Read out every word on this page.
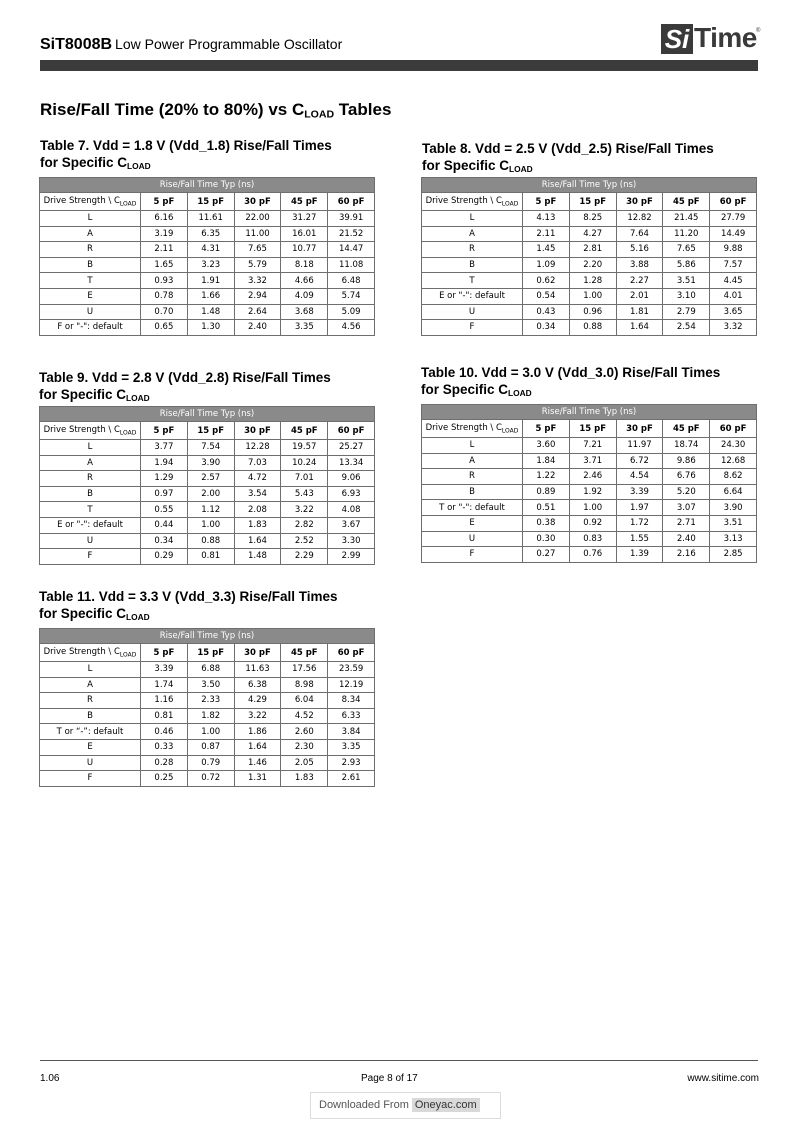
SiT8008B Low Power Programmable Oscillator	Si Time ®
Rise/Fall Time (20% to 80%) vs $C_{LOAD}$ Tables
Table 7. Vdd = 1.8 V (Vdd_1.8) Rise/Fall Times
for Specific $C_{LOAD}$
Rise/Fall Time Typ (ns)					
Drive Strength \ $C_{LOAD}$	5 pF	15 pF	30 pF	45 pF	60 pF
L	6.16	11.61	22.00	31.27	39.91
A	3.19	6.35	11.00	16.01	21.52
R	2.11	4.31	7.65	10.77	14.47
B	1.65	3.23	5.79	8.18	11.08
T	0.93	1.91	3.32	4.66	6.48
E	0.78	1.66	2.94	4.09	5.74
U	0.70	1.48	2.64	3.68	5.09
F or "-": default	0.65	1.30	2.40	3.35	4.56
Table 8. Vdd = 2.5 V (Vdd_2.5) Rise/Fall Times
for Specific $C_{LOAD}$
Rise/Fall Time Typ (ns)					
Drive Strength \ $C_{LOAD}$	5 pF	15 pF	30 pF	45 pF	60 pF
L	4.13	8.25	12.82	21.45	27.79
A	2.11	4.27	7.64	11.20	14.49
R	1.45	2.81	5.16	7.65	9.88
B	1.09	2.20	3.88	5.86	7.57
T	0.62	1.28	2.27	3.51	4.45
E or "-": default	0.54	1.00	2.01	3.10	4.01
U	0.43	0.96	1.81	2.79	3.65
F	0.34	0.88	1.64	2.54	3.32
Table 9. Vdd = 2.8 V (Vdd_2.8) Rise/Fall Times
for Specific $C_{LOAD}$
Rise/Fall Time Typ (ns)					
Drive Strength \ $C_{LOAD}$	5 pF	15 pF	30 pF	45 pF	60 pF
L	3.77	7.54	12.28	19.57	25.27
A	1.94	3.90	7.03	10.24	13.34
R	1.29	2.57	4.72	7.01	9.06
B	0.97	2.00	3.54	5.43	6.93
T	0.55	1.12	2.08	3.22	4.08
E or "-": default	0.44	1.00	1.83	2.82	3.67
U	0.34	0.88	1.64	2.52	3.30
F	0.29	0.81	1.48	2.29	2.99
Table 10. Vdd = 3.0 V (Vdd_3.0) Rise/Fall Times
for Specific $C_{LOAD}$
Rise/Fall Time Typ (ns)					
Drive Strength \ $C_{LOAD}$	5 pF	15 pF	30 pF	45 pF	60 pF
L	3.60	7.21	11.97	18.74	24.30
A	1.84	3.71	6.72	9.86	12.68
R	1.22	2.46	4.54	6.76	8.62
B	0.89	1.92	3.39	5.20	6.64
T or "-": default	0.51	1.00	1.97	3.07	3.90
E	0.38	0.92	1.72	2.71	3.51
U	0.30	0.83	1.55	2.40	3.13
F	0.27	0.76	1.39	2.16	2.85
Table 11. Vdd = 3.3 V (Vdd_3.3) Rise/Fall Times
for Specific $C_{LOAD}$
Rise/Fall Time Typ (ns)					
Drive Strength \ $C_{LOAD}$	5 pF	15 pF	30 pF	45 pF	60 pF
L	3.39	6.88	11.63	17.56	23.59
A	1.74	3.50	6.38	8.98	12.19
R	1.16	2.33	4.29	6.04	8.34
B	0.81	1.82	3.22	4.52	6.33
T or “-”: default	0.46	1.00	1.86	2.60	3.84
E	0.33	0.87	1.64	2.30	3.35
U	0.28	0.79	1.46	2.05	2.93
F	0.25	0.72	1.31	1.83	2.61
1.06	Page 8 of 17	www.sitime.com
Downloaded From Oneyac.com
